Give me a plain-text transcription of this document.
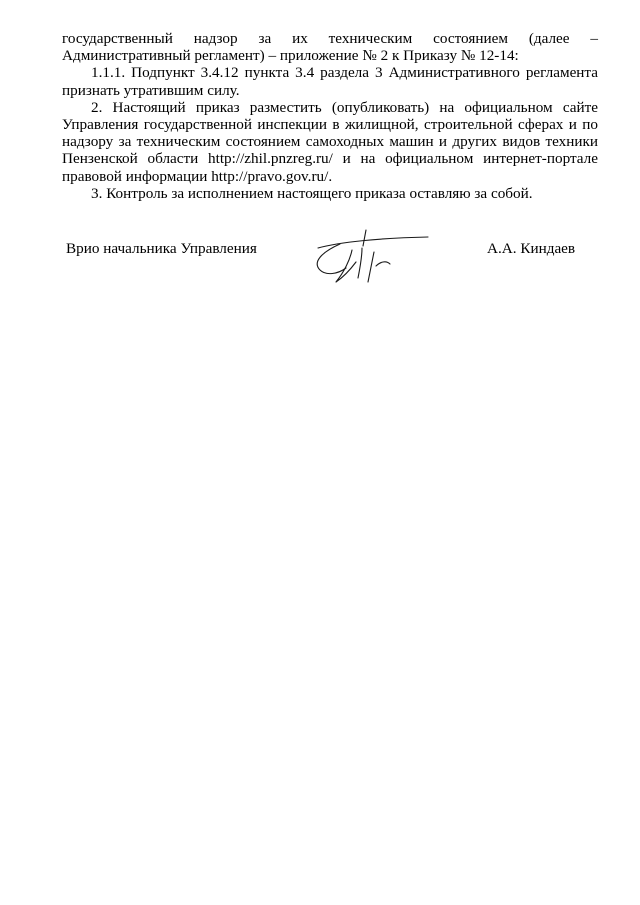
государственный надзор за их техническим состоянием (далее – Административный регламент) – приложение № 2 к Приказу № 12-14:

1.1.1. Подпункт 3.4.12 пункта 3.4 раздела 3 Административного регламента признать утратившим силу.

2. Настоящий приказ разместить (опубликовать) на официальном сайте Управления государственной инспекции в жилищной, строительной сферах и по надзору за техническим состоянием самоходных машин и других видов техники Пензенской области http://zhil.pnzreg.ru/ и на официальном интернет-портале правовой информации http://pravo.gov.ru/.

3. Контроль за исполнением настоящего приказа оставляю за собой.

Врио начальника Управления	А.А. Киндаев
